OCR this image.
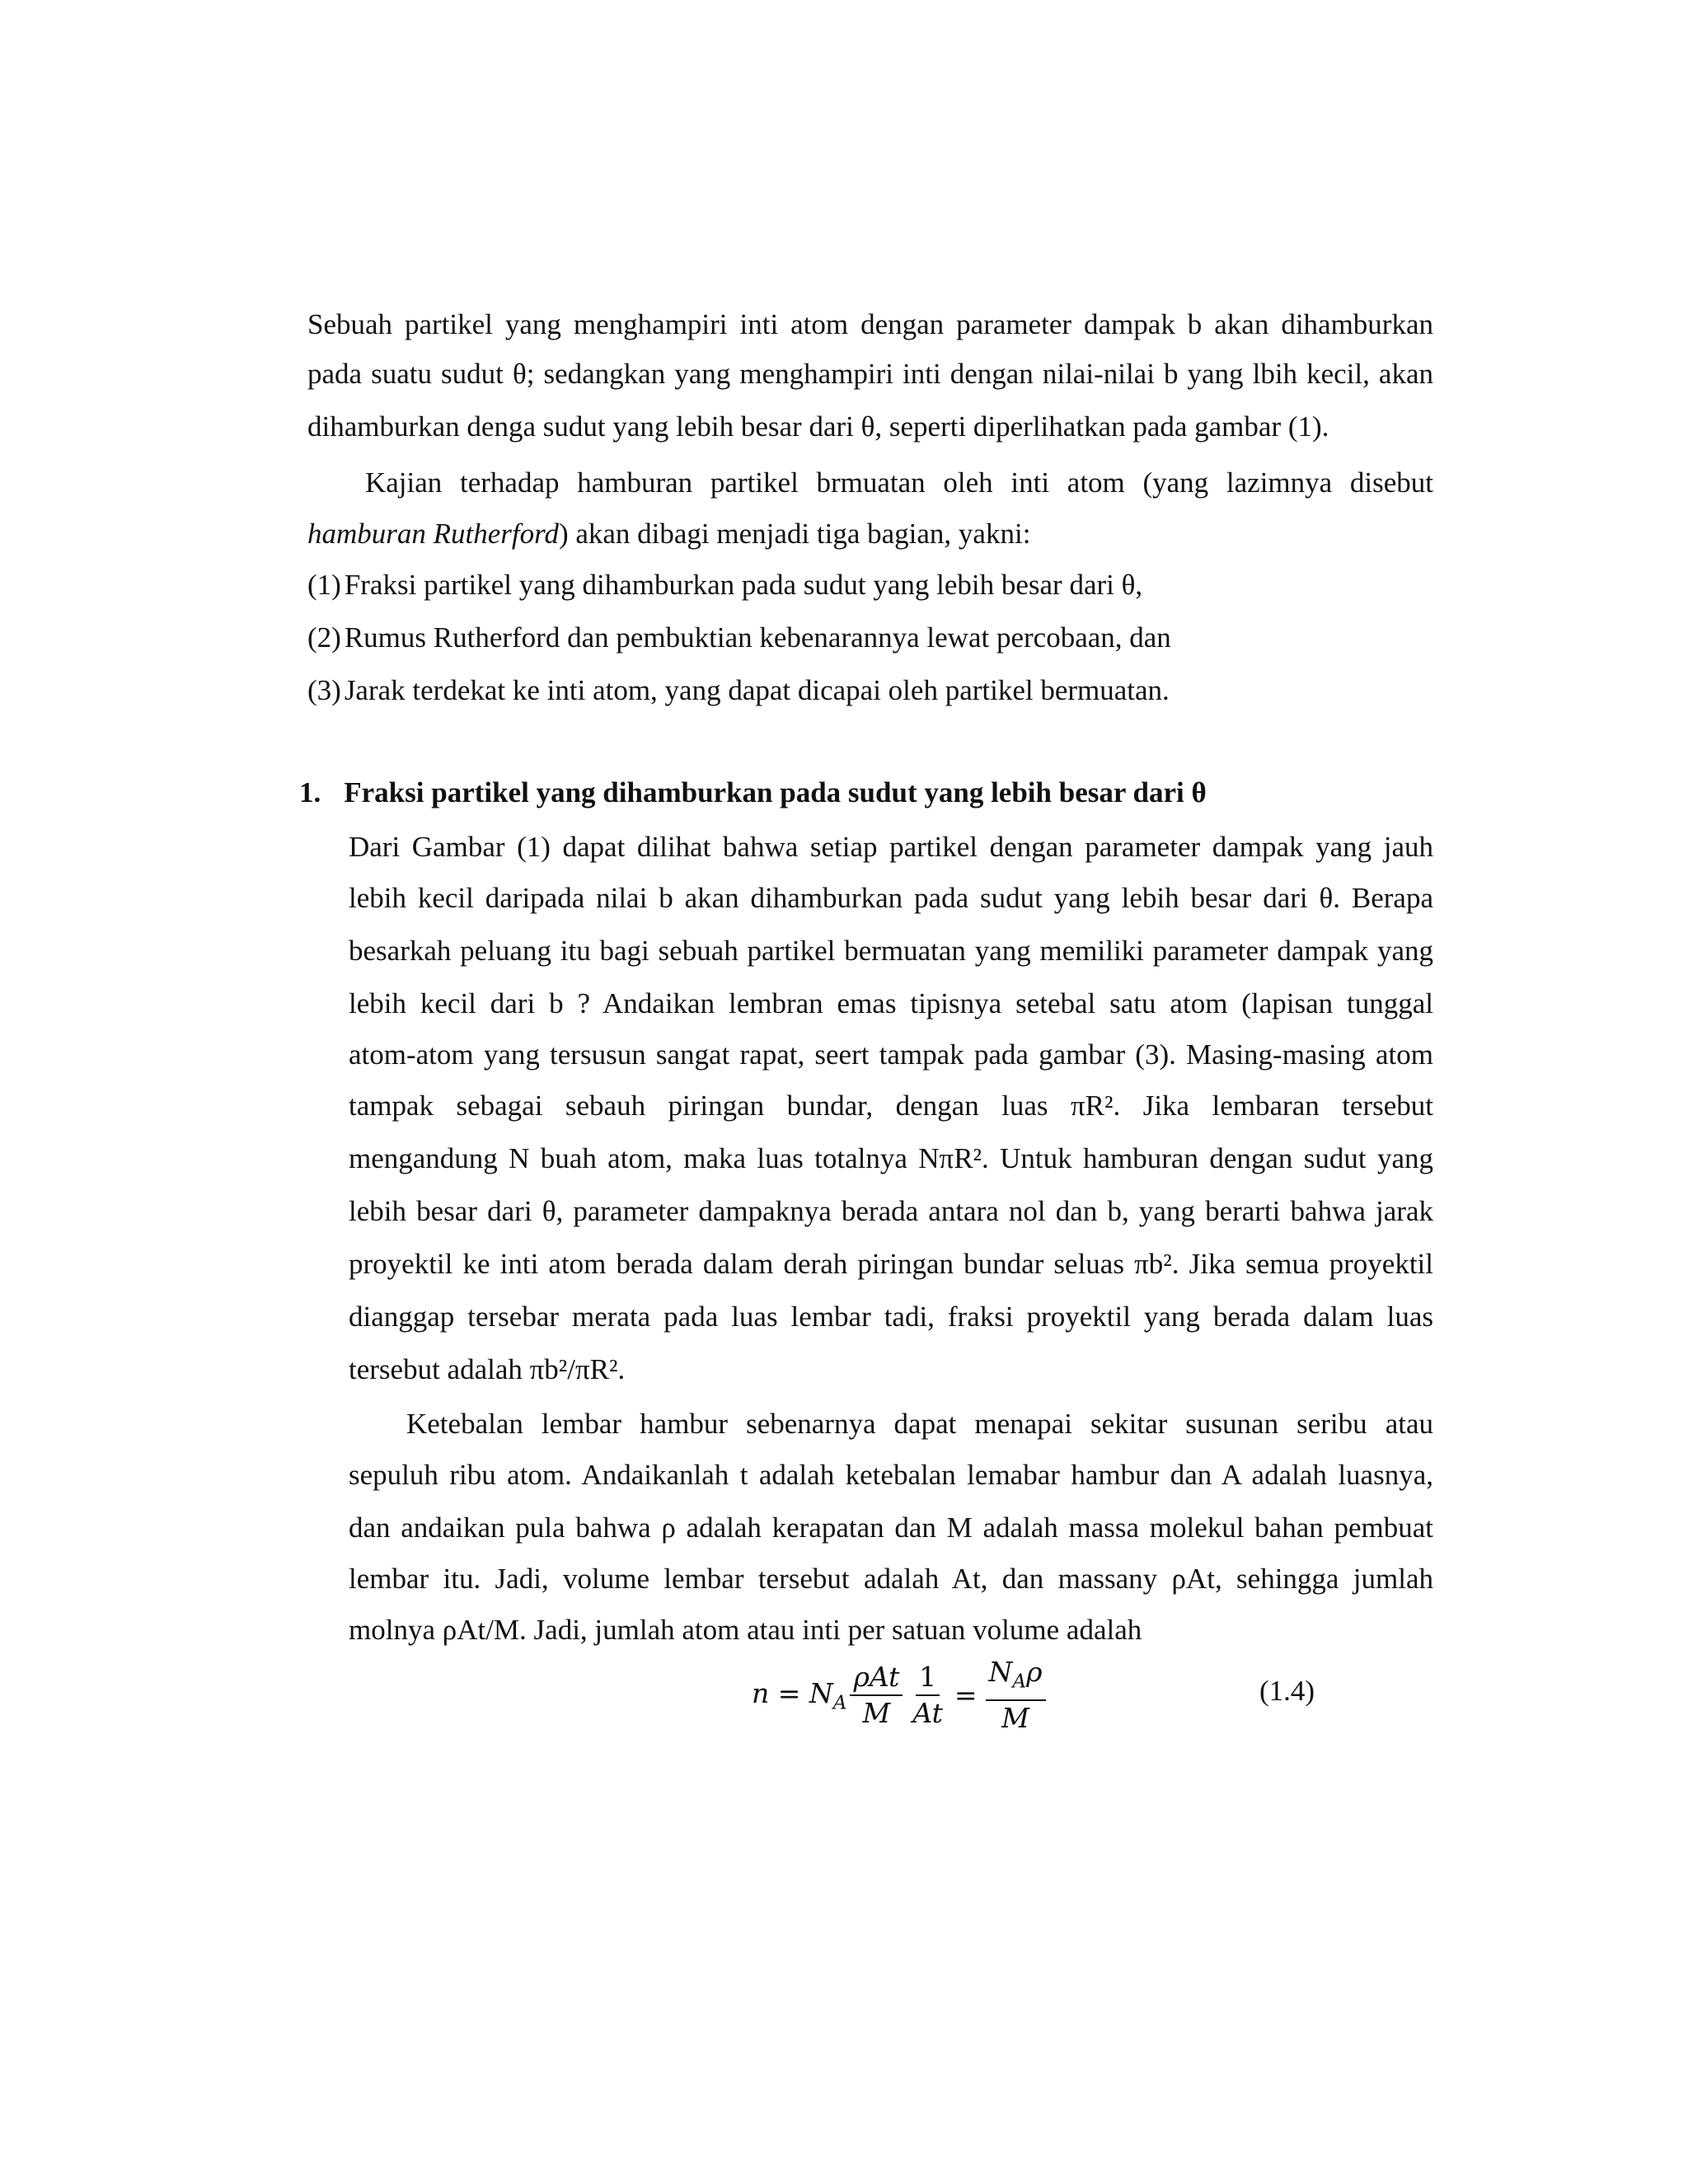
Sebuah partikel yang menghampiri inti atom dengan parameter dampak b akan dihamburkan
pada suatu sudut θ; sedangkan yang menghampiri inti dengan nilai-nilai b yang lbih kecil, akan
dihamburkan denga sudut yang lebih besar dari θ, seperti diperlihatkan pada gambar (1).
Kajian terhadap hamburan partikel brmuatan oleh inti atom (yang lazimnya disebut
hamburan Rutherford) akan dibagi menjadi tiga bagian, yakni:
(1) Fraksi partikel yang dihamburkan pada sudut yang lebih besar dari θ,
(2) Rumus Rutherford dan pembuktian kebenarannya lewat percobaan, dan
(3) Jarak terdekat ke inti atom, yang dapat dicapai oleh partikel bermuatan.
1. Fraksi partikel yang dihamburkan pada sudut yang lebih besar dari θ
Dari Gambar (1) dapat dilihat bahwa setiap partikel dengan parameter dampak yang jauh
lebih kecil daripada nilai b akan dihamburkan pada sudut yang lebih besar dari θ. Berapa
besarkah peluang itu bagi sebuah partikel bermuatan yang memiliki parameter dampak yang
lebih kecil dari b ? Andaikan lembran emas tipisnya setebal satu atom (lapisan tunggal
atom-atom yang tersusun sangat rapat, seert tampak pada gambar (3). Masing-masing atom
tampak sebagai sebauh piringan bundar, dengan luas πR². Jika lembaran tersebut
mengandung N buah atom, maka luas totalnya NπR². Untuk hamburan dengan sudut yang
lebih besar dari θ, parameter dampaknya berada antara nol dan b, yang berarti bahwa jarak
proyektil ke inti atom berada dalam derah piringan bundar seluas πb². Jika semua proyektil
dianggap tersebar merata pada luas lembar tadi, fraksi proyektil yang berada dalam luas
tersebut adalah πb²/πR².
Ketebalan lembar hambur sebenarnya dapat menapai sekitar susunan seribu atau
sepuluh ribu atom. Andaikanlah t adalah ketebalan lemabar hambur dan A adalah luasnya,
dan andaikan pula bahwa ρ adalah kerapatan dan M adalah massa molekul bahan pembuat
lembar itu. Jadi, volume lembar tersebut adalah At, dan massany ρAt, sehingga jumlah
molnya ρAt/M. Jadi, jumlah atom atau inti per satuan volume adalah
$n = N_A \frac{\text{ρAt}}{M} \frac{1}{At} = \frac{N_A\rho}{M}$	(1.4)
